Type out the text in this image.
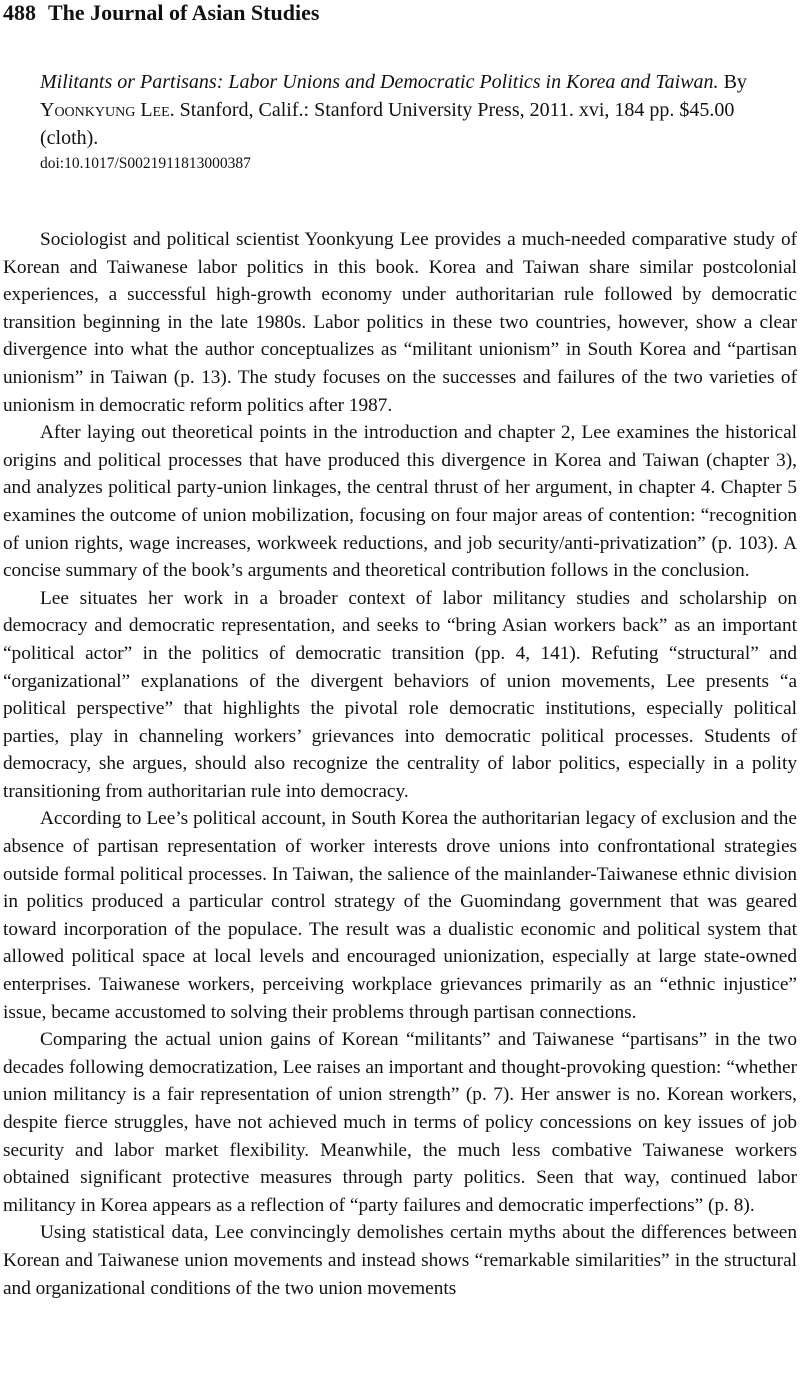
488 The Journal of Asian Studies
Militants or Partisans: Labor Unions and Democratic Politics in Korea and Taiwan. By Yoonkyung Lee. Stanford, Calif.: Stanford University Press, 2011. xvi, 184 pp. $45.00 (cloth).
doi:10.1017/S0021911813000387

Sociologist and political scientist Yoonkyung Lee provides a much-needed comparative study of Korean and Taiwanese labor politics in this book. Korea and Taiwan share similar postcolonial experiences, a successful high-growth economy under authoritarian rule followed by democratic transition beginning in the late 1980s. Labor politics in these two countries, however, show a clear divergence into what the author conceptualizes as “militant unionism” in South Korea and “partisan unionism” in Taiwan (p. 13). The study focuses on the successes and failures of the two varieties of unionism in democratic reform politics after 1987.

After laying out theoretical points in the introduction and chapter 2, Lee examines the historical origins and political processes that have produced this divergence in Korea and Taiwan (chapter 3), and analyzes political party-union linkages, the central thrust of her argument, in chapter 4. Chapter 5 examines the outcome of union mobilization, focusing on four major areas of contention: “recognition of union rights, wage increases, workweek reductions, and job security/anti-privatization” (p. 103). A concise summary of the book’s arguments and theoretical contribution follows in the conclusion.

Lee situates her work in a broader context of labor militancy studies and scholarship on democracy and democratic representation, and seeks to “bring Asian workers back” as an important “political actor” in the politics of democratic transition (pp. 4, 141). Refuting “structural” and “organizational” explanations of the divergent behaviors of union movements, Lee presents “a political perspective” that highlights the pivotal role democratic institutions, especially political parties, play in channeling workers’ grievances into democratic political processes. Students of democracy, she argues, should also recognize the centrality of labor politics, especially in a polity transitioning from authoritarian rule into democracy.

According to Lee’s political account, in South Korea the authoritarian legacy of exclusion and the absence of partisan representation of worker interests drove unions into confrontational strategies outside formal political processes. In Taiwan, the salience of the mainlander-Taiwanese ethnic division in politics produced a particular control strategy of the Guomindang government that was geared toward incorporation of the populace. The result was a dualistic economic and political system that allowed political space at local levels and encouraged unionization, especially at large state-owned enterprises. Taiwanese workers, perceiving workplace grievances primarily as an “ethnic injustice” issue, became accustomed to solving their problems through partisan connections.

Comparing the actual union gains of Korean “militants” and Taiwanese “partisans” in the two decades following democratization, Lee raises an important and thought-provoking question: “whether union militancy is a fair representation of union strength” (p. 7). Her answer is no. Korean workers, despite fierce struggles, have not achieved much in terms of policy concessions on key issues of job security and labor market flexibility. Meanwhile, the much less combative Taiwanese workers obtained significant protective measures through party politics. Seen that way, continued labor militancy in Korea appears as a reflection of “party failures and democratic imperfections” (p. 8).

Using statistical data, Lee convincingly demolishes certain myths about the differences between Korean and Taiwanese union movements and instead shows “remarkable similarities” in the structural and organizational conditions of the two union movements
